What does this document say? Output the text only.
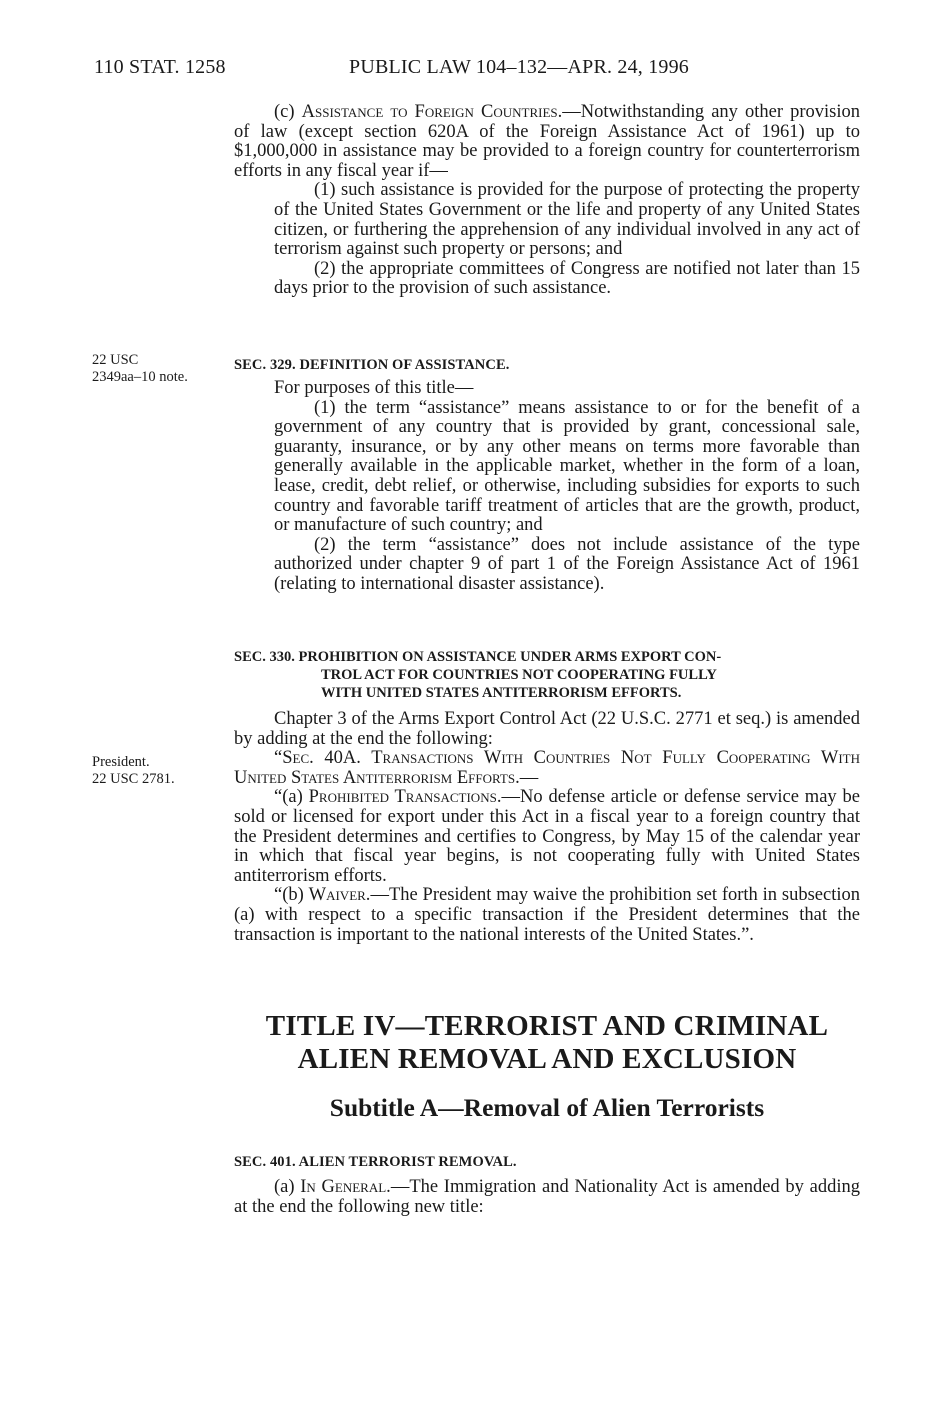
110 STAT. 1258	PUBLIC LAW 104–132—APR. 24, 1996

(c) Assistance to Foreign Countries.—Notwithstanding any other provision of law (except section 620A of the Foreign Assistance Act of 1961) up to $1,000,000 in assistance may be provided to a foreign country for counterterrorism efforts in any fiscal year if—

(1) such assistance is provided for the purpose of protecting the property of the United States Government or the life and property of any United States citizen, or furthering the apprehension of any individual involved in any act of terrorism against such property or persons; and

(2) the appropriate committees of Congress are notified not later than 15 days prior to the provision of such assistance.

22 USC
2349aa–10 note.
SEC. 329. DEFINITION OF ASSISTANCE.

For purposes of this title—

(1) the term “assistance” means assistance to or for the benefit of a government of any country that is provided by grant, concessional sale, guaranty, insurance, or by any other means on terms more favorable than generally available in the applicable market, whether in the form of a loan, lease, credit, debt relief, or otherwise, including subsidies for exports to such country and favorable tariff treatment of articles that are the growth, product, or manufacture of such country; and

(2) the term “assistance” does not include assistance of the type authorized under chapter 9 of part 1 of the Foreign Assistance Act of 1961 (relating to international disaster assistance).

SEC. 330. PROHIBITION ON ASSISTANCE UNDER ARMS EXPORT CON-
TROL ACT FOR COUNTRIES NOT COOPERATING FULLY
WITH UNITED STATES ANTITERRORISM EFFORTS.

Chapter 3 of the Arms Export Control Act (22 U.S.C. 2771 et seq.) is amended by adding at the end the following:

“Sec. 40A. Transactions With Countries Not Fully Cooperating With United States Antiterrorism Efforts.—

“(a) Prohibited Transactions.—No defense article or defense service may be sold or licensed for export under this Act in a fiscal year to a foreign country that the President determines and certifies to Congress, by May 15 of the calendar year in which that fiscal year begins, is not cooperating fully with United States antiterrorism efforts.

“(b) Waiver.—The President may waive the prohibition set forth in subsection (a) with respect to a specific transaction if the President determines that the transaction is important to the national interests of the United States.”.

President.
22 USC 2781.
TITLE IV—TERRORIST AND CRIMINAL
ALIEN REMOVAL AND EXCLUSION
Subtitle A—Removal of Alien Terrorists
SEC. 401. ALIEN TERRORIST REMOVAL.

(a) In General.—The Immigration and Nationality Act is amended by adding at the end the following new title:
